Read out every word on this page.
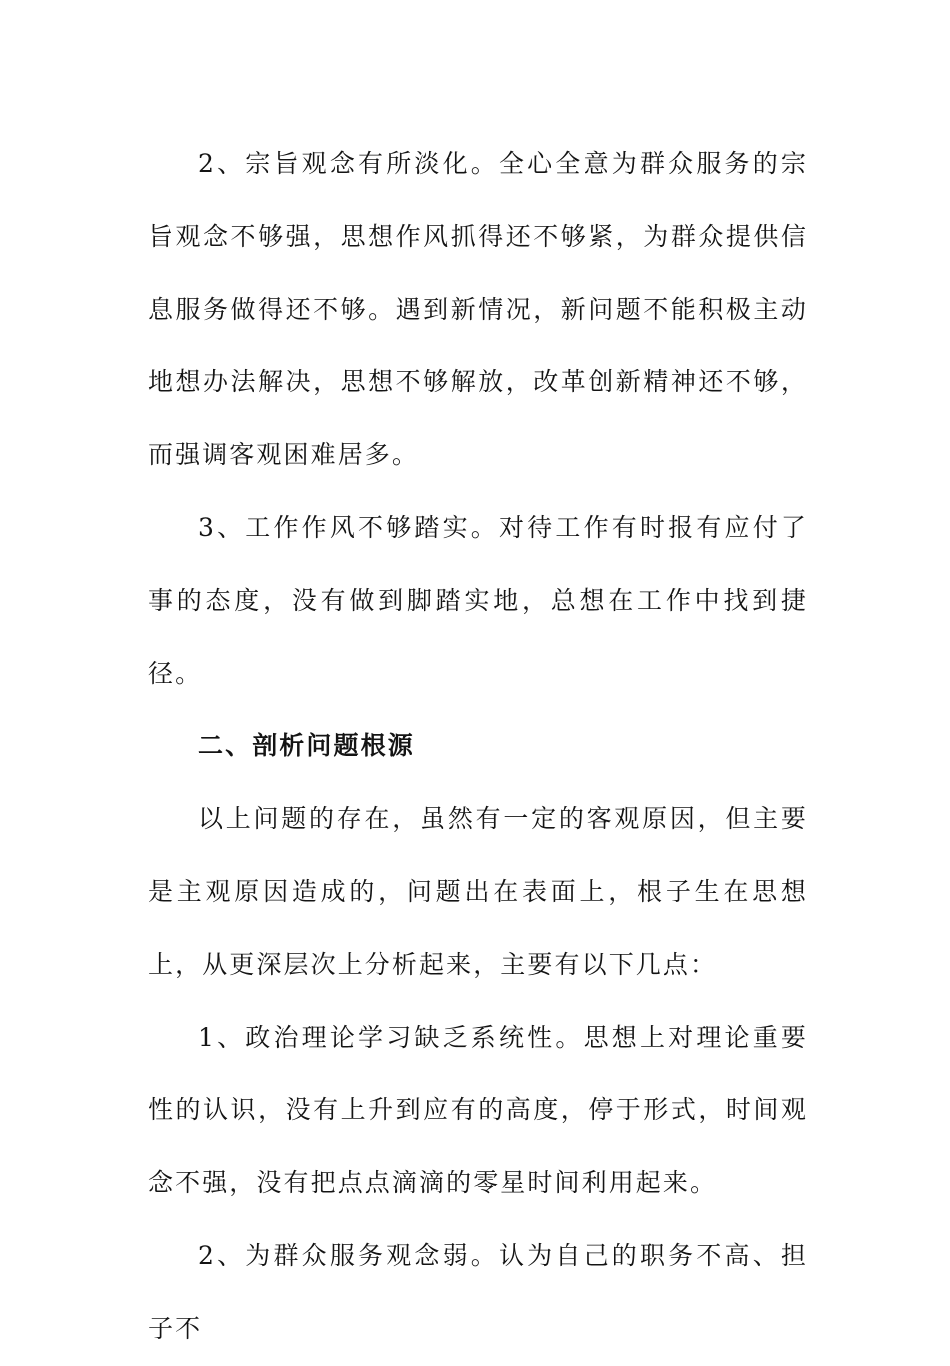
2、宗旨观念有所淡化。全心全意为群众服务的宗旨观念不够强，思想作风抓得还不够紧，为群众提供信息服务做得还不够。遇到新情况，新问题不能积极主动地想办法解决，思想不够解放，改革创新精神还不够，而强调客观困难居多。

3、工作作风不够踏实。对待工作有时报有应付了事的态度，没有做到脚踏实地，总想在工作中找到捷径。

二、剖析问题根源

以上问题的存在，虽然有一定的客观原因，但主要是主观原因造成的，问题出在表面上，根子生在思想上，从更深层次上分析起来，主要有以下几点：

1、政治理论学习缺乏系统性。思想上对理论重要性的认识，没有上升到应有的高度，停于形式，时间观念不强，没有把点点滴滴的零星时间利用起来。

2、为群众服务观念弱。认为自己的职务不高、担子不
